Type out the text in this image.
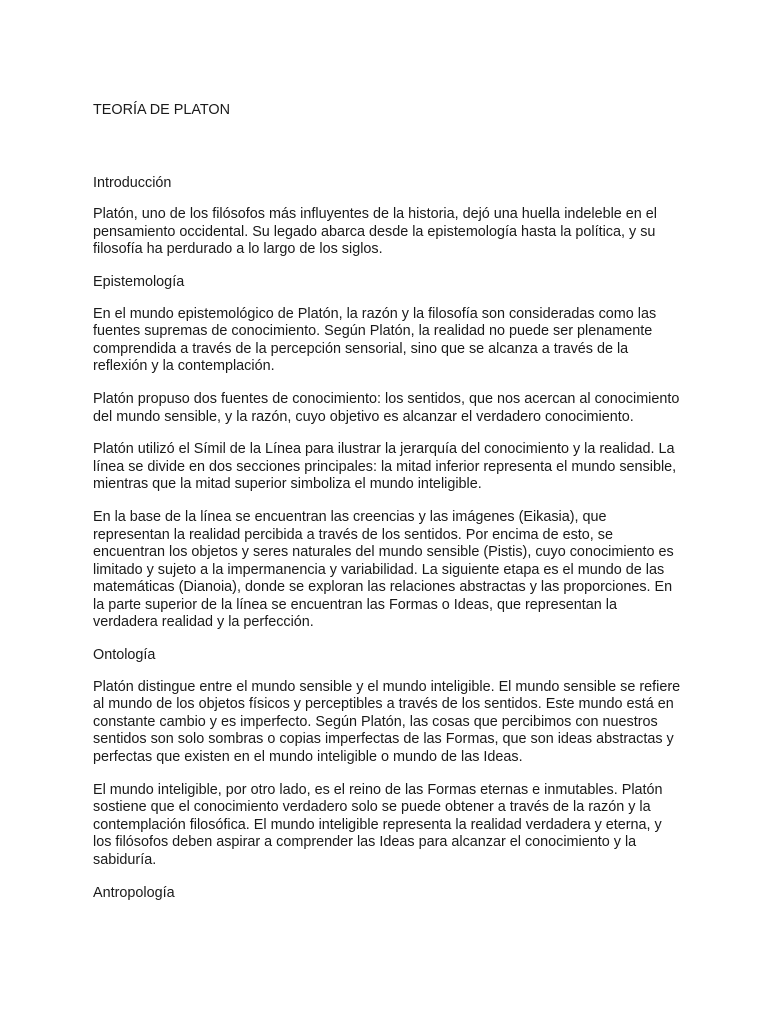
TEORÍA DE PLATON
Introducción

Platón, uno de los filósofos más influyentes de la historia, dejó una huella indeleble en el pensamiento occidental. Su legado abarca desde la epistemología hasta la política, y su filosofía ha perdurado a lo largo de los siglos.

Epistemología

En el mundo epistemológico de Platón, la razón y la filosofía son consideradas como las fuentes supremas de conocimiento. Según Platón, la realidad no puede ser plenamente comprendida a través de la percepción sensorial, sino que se alcanza a través de la reflexión y la contemplación.

Platón propuso dos fuentes de conocimiento: los sentidos, que nos acercan al conocimiento del mundo sensible, y la razón, cuyo objetivo es alcanzar el verdadero conocimiento.

Platón utilizó el Símil de la Línea para ilustrar la jerarquía del conocimiento y la realidad. La línea se divide en dos secciones principales: la mitad inferior representa el mundo sensible, mientras que la mitad superior simboliza el mundo inteligible.

En la base de la línea se encuentran las creencias y las imágenes (Eikasia), que representan la realidad percibida a través de los sentidos. Por encima de esto, se encuentran los objetos y seres naturales del mundo sensible (Pistis), cuyo conocimiento es limitado y sujeto a la impermanencia y variabilidad. La siguiente etapa es el mundo de las matemáticas (Dianoia), donde se exploran las relaciones abstractas y las proporciones. En la parte superior de la línea se encuentran las Formas o Ideas, que representan la verdadera realidad y la perfección.

Ontología

Platón distingue entre el mundo sensible y el mundo inteligible. El mundo sensible se refiere al mundo de los objetos físicos y perceptibles a través de los sentidos. Este mundo está en constante cambio y es imperfecto. Según Platón, las cosas que percibimos con nuestros sentidos son solo sombras o copias imperfectas de las Formas, que son ideas abstractas y perfectas que existen en el mundo inteligible o mundo de las Ideas.

El mundo inteligible, por otro lado, es el reino de las Formas eternas e inmutables. Platón sostiene que el conocimiento verdadero solo se puede obtener a través de la razón y la contemplación filosófica. El mundo inteligible representa la realidad verdadera y eterna, y los filósofos deben aspirar a comprender las Ideas para alcanzar el conocimiento y la sabiduría.

Antropología
